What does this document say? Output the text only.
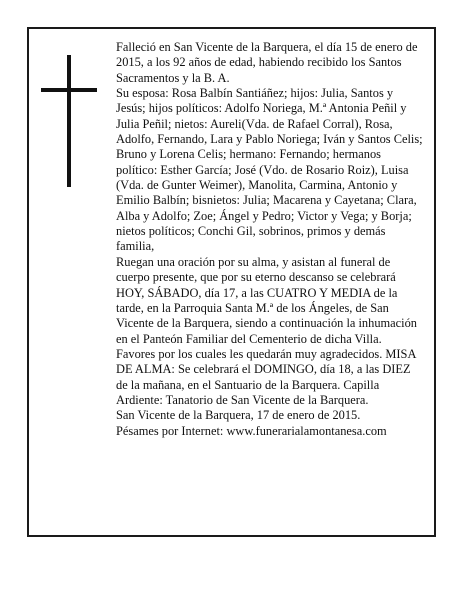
Falleció en San Vicente de la Barquera, el día 15 de enero de 2015, a los 92 años de edad, habiendo recibido los Santos Sacramentos y la B. A.

Su esposa: Rosa Balbín Santiáñez; hijos: Julia, Santos y Jesús; hijos políticos: Adolfo Noriega, M.ª Antonia Peñil y Julia Peñil; nietos: Aureli(Vda. de Rafael Corral), Rosa, Adolfo, Fernando, Lara y Pablo Noriega; Iván y Santos Celis; Bruno y Lorena Celis; hermano: Fernando; hermanos político: Esther García; José (Vdo. de Rosario Roiz), Luisa (Vda. de Gunter Weimer), Manolita, Carmina, Antonio y Emilio Balbín; bisnietos: Julia; Macarena y Cayetana; Clara, Alba y Adolfo; Zoe; Ángel y Pedro; Victor y Vega; y Borja; nietos políticos; Conchi Gil, sobrinos, primos y demás familia,

Ruegan una oración por su alma, y asistan al funeral de cuerpo presente, que por su eterno descanso se celebrará HOY, SÁBADO, día 17, a las CUATRO Y MEDIA de la tarde, en la Parroquia Santa M.ª de los Ángeles, de San Vicente de la Barquera, siendo a continuación la inhumación en el Panteón Familiar del Cementerio de dicha Villa. Favores por los cuales les quedarán muy agradecidos. MISA DE ALMA: Se celebrará el DOMINGO, día 18, a las DIEZ de la mañana, en el Santuario de la Barquera. Capilla Ardiente: Tanatorio de San Vicente de la Barquera.

San Vicente de la Barquera, 17 de enero de 2015.

Pésames por Internet: www.funerarialamontanesa.com
